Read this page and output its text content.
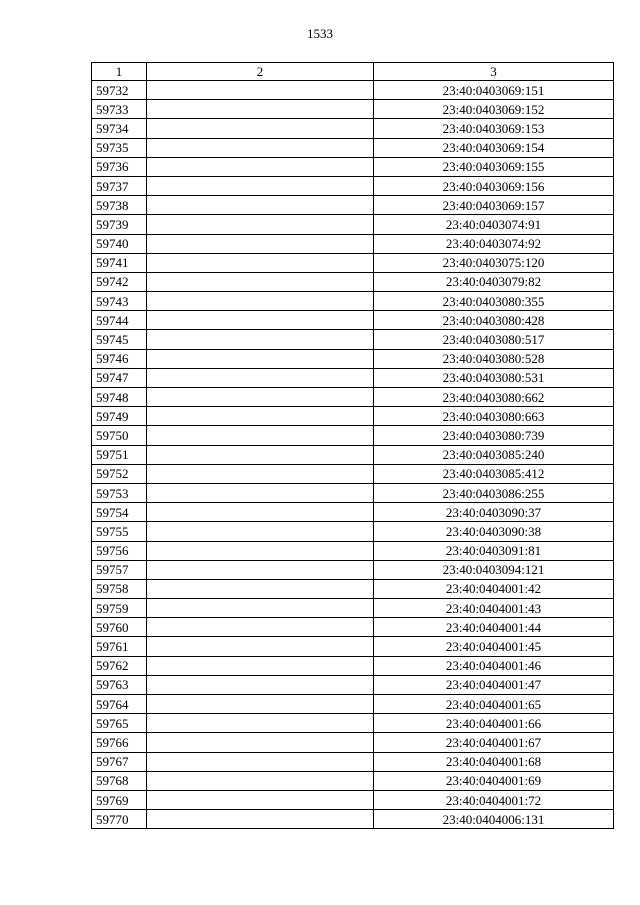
1533
1	2	3
59732		23:40:0403069:151
59733		23:40:0403069:152
59734		23:40:0403069:153
59735		23:40:0403069:154
59736		23:40:0403069:155
59737		23:40:0403069:156
59738		23:40:0403069:157
59739		23:40:0403074:91
59740		23:40:0403074:92
59741		23:40:0403075:120
59742		23:40:0403079:82
59743		23:40:0403080:355
59744		23:40:0403080:428
59745		23:40:0403080:517
59746		23:40:0403080:528
59747		23:40:0403080:531
59748		23:40:0403080:662
59749		23:40:0403080:663
59750		23:40:0403080:739
59751		23:40:0403085:240
59752		23:40:0403085:412
59753		23:40:0403086:255
59754		23:40:0403090:37
59755		23:40:0403090:38
59756		23:40:0403091:81
59757		23:40:0403094:121
59758		23:40:0404001:42
59759		23:40:0404001:43
59760		23:40:0404001:44
59761		23:40:0404001:45
59762		23:40:0404001:46
59763		23:40:0404001:47
59764		23:40:0404001:65
59765		23:40:0404001:66
59766		23:40:0404001:67
59767		23:40:0404001:68
59768		23:40:0404001:69
59769		23:40:0404001:72
59770		23:40:0404006:131
